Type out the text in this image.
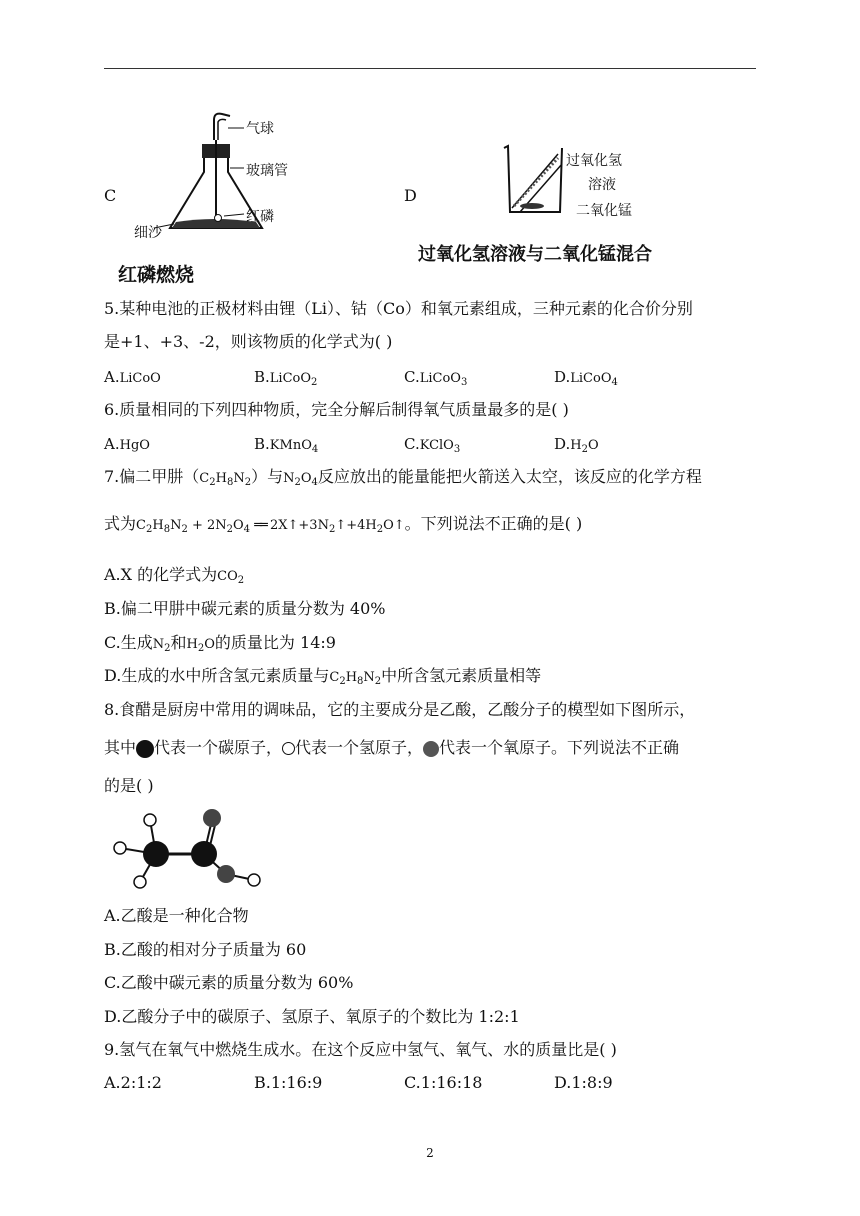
C
气球
玻璃管
红磷
细沙
红磷燃烧
D
过氧化氢
溶液
二氧化锰
过氧化氢溶液与二氧化锰混合
5.某种电池的正极材料由锂（Li）、钴（Co）和氧元素组成，三种元素的化合价分别
是+1、+3、-2，则该物质的化学式为( )
A.LiCoO	B.LiCoO$_2$	C.LiCoO$_3$	D.LiCoO$_4$
6.质量相同的下列四种物质，完全分解后制得氧气质量最多的是( )
A.HgO	B.KMnO$_4$	C.KClO$_3$	$D.H_2O$
7.偏二甲肼$(C_2H_8N_2)$与$N_2O_4$反应放出的能量能把火箭送入太空，该反应的化学方程
式为$C_2H_8N_2 + 2N_2O_4$ ══ $2X↑+3N_2↑+4H_2O↑$。下列说法不正确的是( )
A.X 的化学式为$CO_2$
B.偏二甲肼中碳元素的质量分数为 40%
C.生成$N_2$和$H_2O$的质量比为 14:9
D.生成的水中所含氢元素质量与$C_2H_8N_2$中所含氢元素质量相等
8.食醋是厨房中常用的调味品，它的主要成分是乙酸，乙酸分子的模型如下图所示，
其中 代表一个碳原子， 代表一个氢原子， 代表一个氧原子。下列说法不正确
的是( )
A.乙酸是一种化合物
B.乙酸的相对分子质量为 60
C.乙酸中碳元素的质量分数为 60%
D.乙酸分子中的碳原子、氢原子、氧原子的个数比为 1:2:1
9.氢气在氧气中燃烧生成水。在这个反应中氢气、氧气、水的质量比是( )
A.2:1:2	B.1:16:9	C.1:16:18	D.1:8:9
2
